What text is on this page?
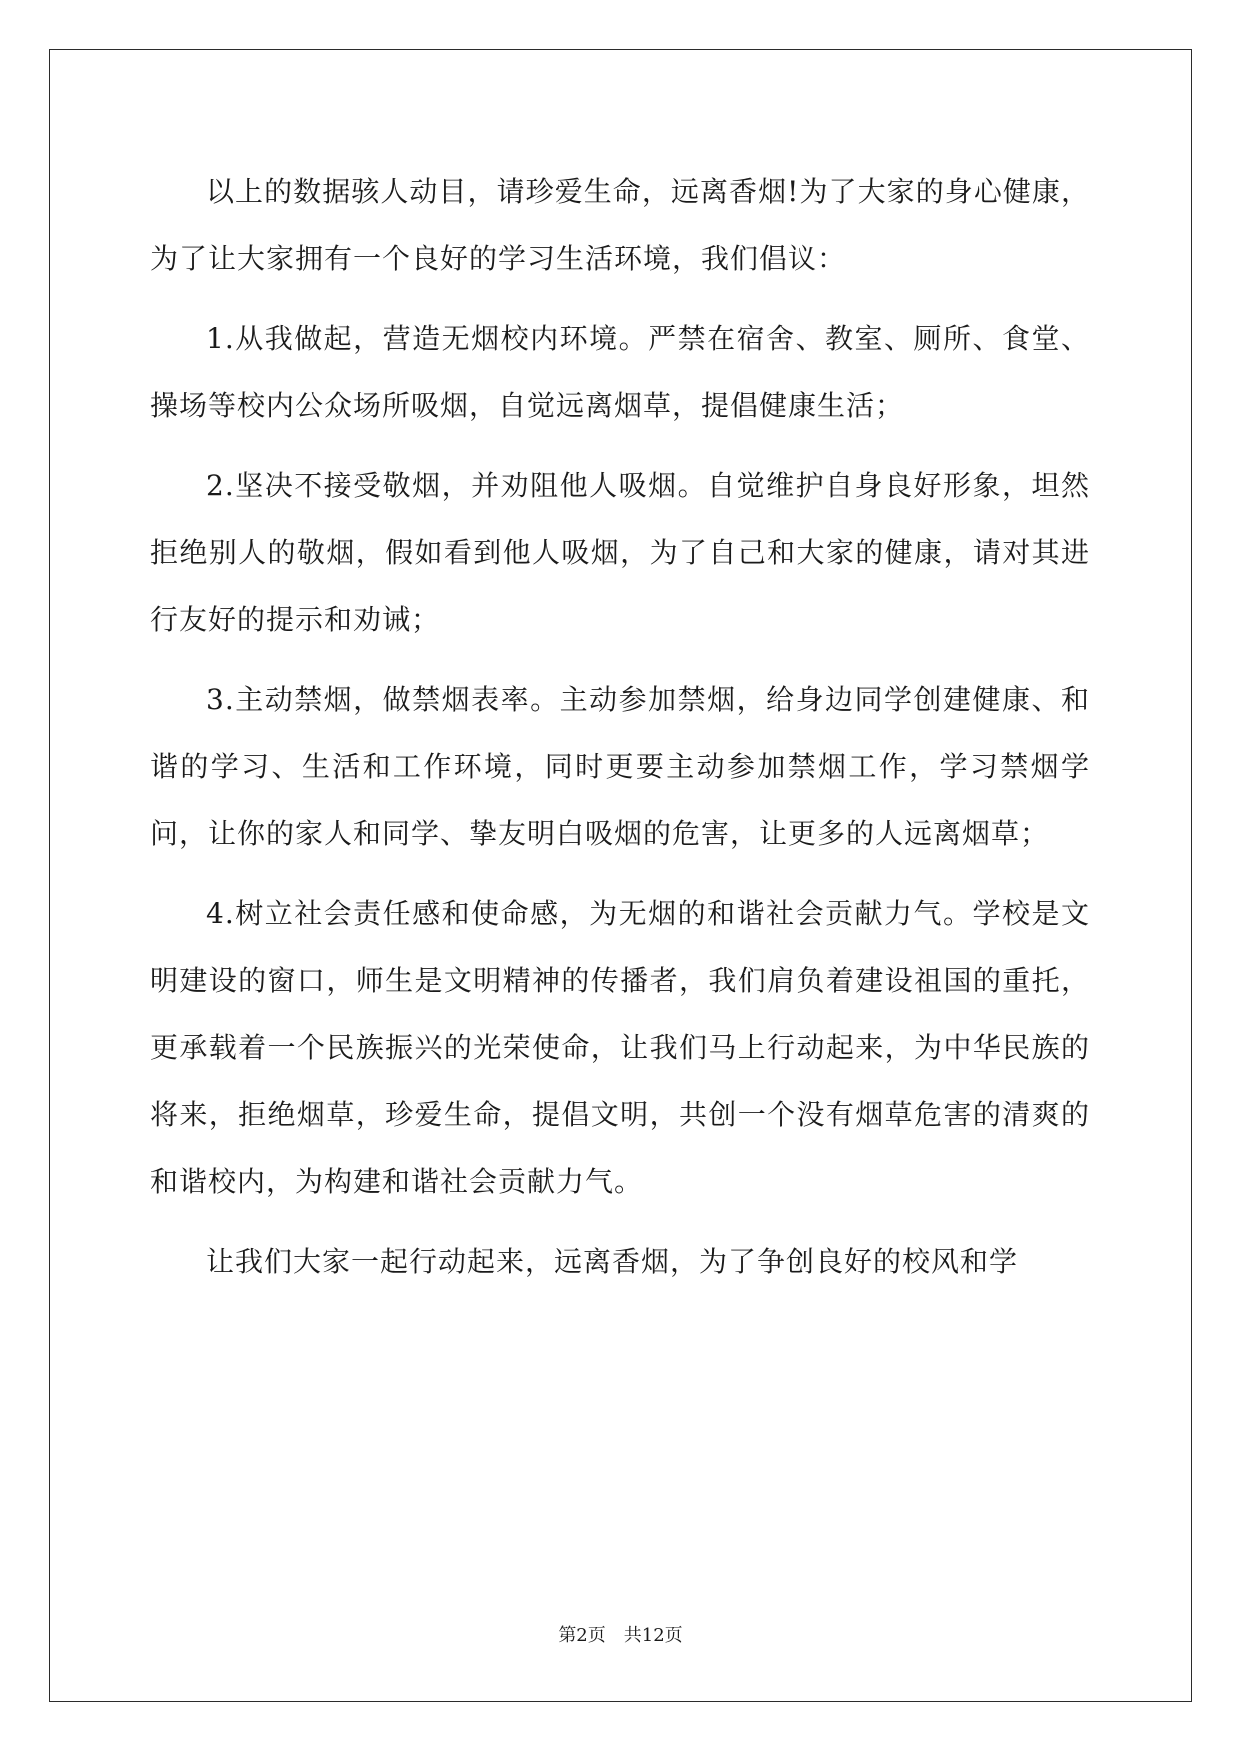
以上的数据骇人动目，请珍爱生命，远离香烟!为了大家的身心健康，为了让大家拥有一个良好的学习生活环境，我们倡议：

1.从我做起，营造无烟校内环境。严禁在宿舍、教室、厕所、食堂、操场等校内公众场所吸烟，自觉远离烟草，提倡健康生活；

2.坚决不接受敬烟，并劝阻他人吸烟。自觉维护自身良好形象，坦然拒绝别人的敬烟，假如看到他人吸烟，为了自己和大家的健康，请对其进行友好的提示和劝诫；

3.主动禁烟，做禁烟表率。主动参加禁烟，给身边同学创建健康、和谐的学习、生活和工作环境，同时更要主动参加禁烟工作，学习禁烟学问，让你的家人和同学、挚友明白吸烟的危害，让更多的人远离烟草；

4.树立社会责任感和使命感，为无烟的和谐社会贡献力气。学校是文明建设的窗口，师生是文明精神的传播者，我们肩负着建设祖国的重托，更承载着一个民族振兴的光荣使命，让我们马上行动起来，为中华民族的将来，拒绝烟草，珍爱生命，提倡文明，共创一个没有烟草危害的清爽的和谐校内，为构建和谐社会贡献力气。

让我们大家一起行动起来，远离香烟，为了争创良好的校风和学

第2页　共12页
